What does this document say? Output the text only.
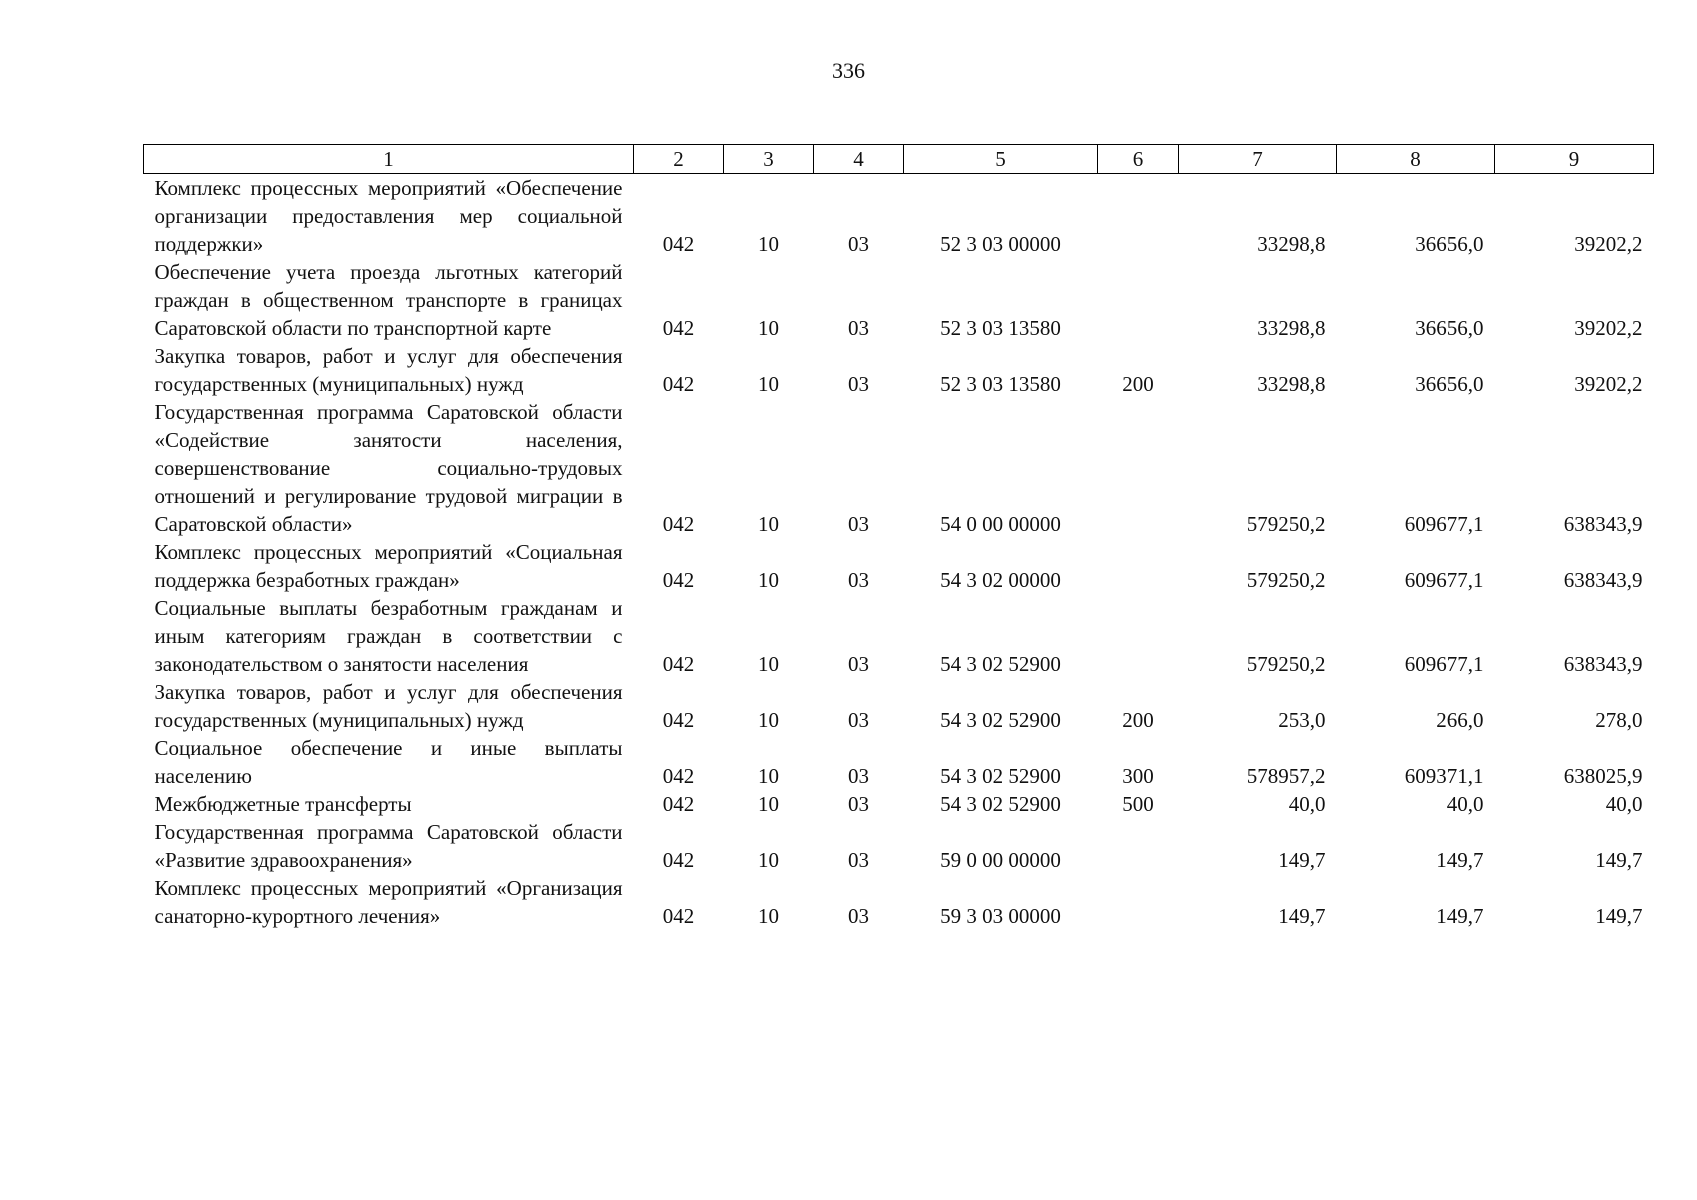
336
1	2	3	4	5	6	7	8	9
Комплекс процессных мероприятий «Обеспечение организации предоставления мер социальной поддержки»	042	10	03	52 3 03 00000		33298,8	36656,0	39202,2
Обеспечение учета проезда льготных категорий граждан в общественном транспорте в границах Саратовской области по транспортной карте	042	10	03	52 3 03 13580		33298,8	36656,0	39202,2
Закупка товаров, работ и услуг для обеспечения государственных (муниципальных) нужд	042	10	03	52 3 03 13580	200	33298,8	36656,0	39202,2
Государственная программа Саратовской области «Содействие занятости населения, совершенствование социально-трудовых отношений и регулирование трудовой миграции в Саратовской области»	042	10	03	54 0 00 00000		579250,2	609677,1	638343,9
Комплекс процессных мероприятий «Социальная поддержка безработных граждан»	042	10	03	54 3 02 00000		579250,2	609677,1	638343,9
Социальные выплаты безработным гражданам и иным категориям граждан в соответствии с законодательством о занятости населения	042	10	03	54 3 02 52900		579250,2	609677,1	638343,9
Закупка товаров, работ и услуг для обеспечения государственных (муниципальных) нужд	042	10	03	54 3 02 52900	200	253,0	266,0	278,0
Социальное обеспечение и иные выплаты населению	042	10	03	54 3 02 52900	300	578957,2	609371,1	638025,9
Межбюджетные трансферты	042	10	03	54 3 02 52900	500	40,0	40,0	40,0
Государственная программа Саратовской области «Развитие здравоохранения»	042	10	03	59 0 00 00000		149,7	149,7	149,7
Комплекс процессных мероприятий «Организация санаторно-курортного лечения»	042	10	03	59 3 03 00000		149,7	149,7	149,7
